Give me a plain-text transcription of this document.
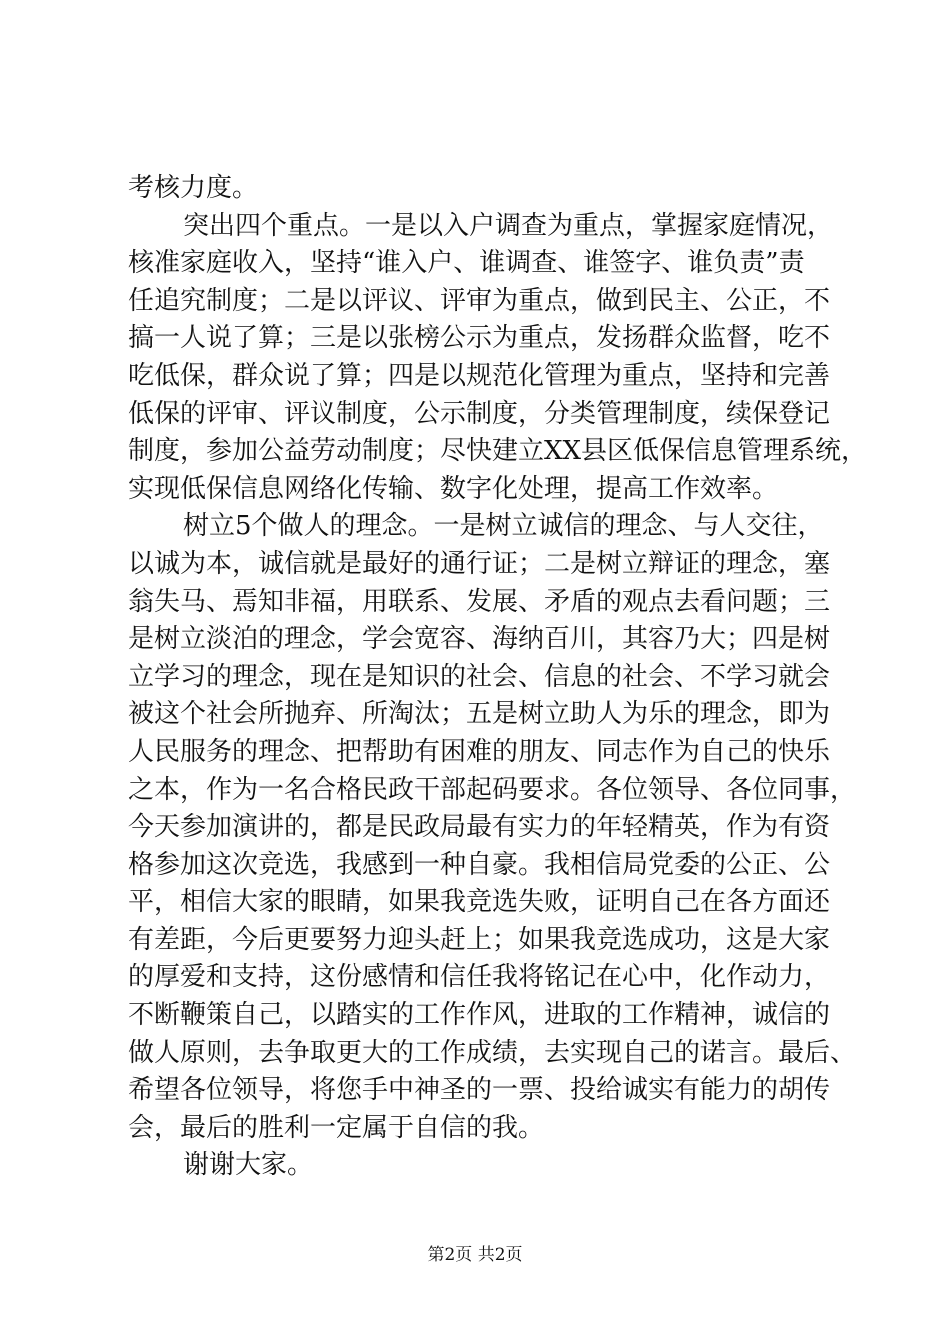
考核力度。
突出四个重点。一是以入户调查为重点，掌握家庭情况，
核准家庭收入，坚持“谁入户、谁调查、谁签字、谁负责”责
任追究制度；二是以评议、评审为重点，做到民主、公正，不
搞一人说了算；三是以张榜公示为重点，发扬群众监督，吃不
吃低保，群众说了算；四是以规范化管理为重点，坚持和完善
低保的评审、评议制度，公示制度，分类管理制度，续保登记
制度，参加公益劳动制度；尽快建立XX县区低保信息管理系统，
实现低保信息网络化传输、数字化处理，提高工作效率。
树立5个做人的理念。一是树立诚信的理念、与人交往，
以诚为本，诚信就是最好的通行证；二是树立辩证的理念，塞
翁失马、焉知非福，用联系、发展、矛盾的观点去看问题；三
是树立淡泊的理念，学会宽容、海纳百川，其容乃大；四是树
立学习的理念，现在是知识的社会、信息的社会、不学习就会
被这个社会所抛弃、所淘汰；五是树立助人为乐的理念，即为
人民服务的理念、把帮助有困难的朋友、同志作为自己的快乐
之本，作为一名合格民政干部起码要求。各位领导、各位同事，
今天参加演讲的，都是民政局最有实力的年轻精英，作为有资
格参加这次竞选，我感到一种自豪。我相信局党委的公正、公
平，相信大家的眼睛，如果我竞选失败，证明自己在各方面还
有差距，今后更要努力迎头赶上；如果我竞选成功，这是大家
的厚爱和支持，这份感情和信任我将铭记在心中，化作动力，
不断鞭策自己，以踏实的工作作风，进取的工作精神，诚信的
做人原则，去争取更大的工作成绩，去实现自己的诺言。最后、
希望各位领导，将您手中神圣的一票、投给诚实有能力的胡传
会，最后的胜利一定属于自信的我。
谢谢大家。
第2页 共2页
